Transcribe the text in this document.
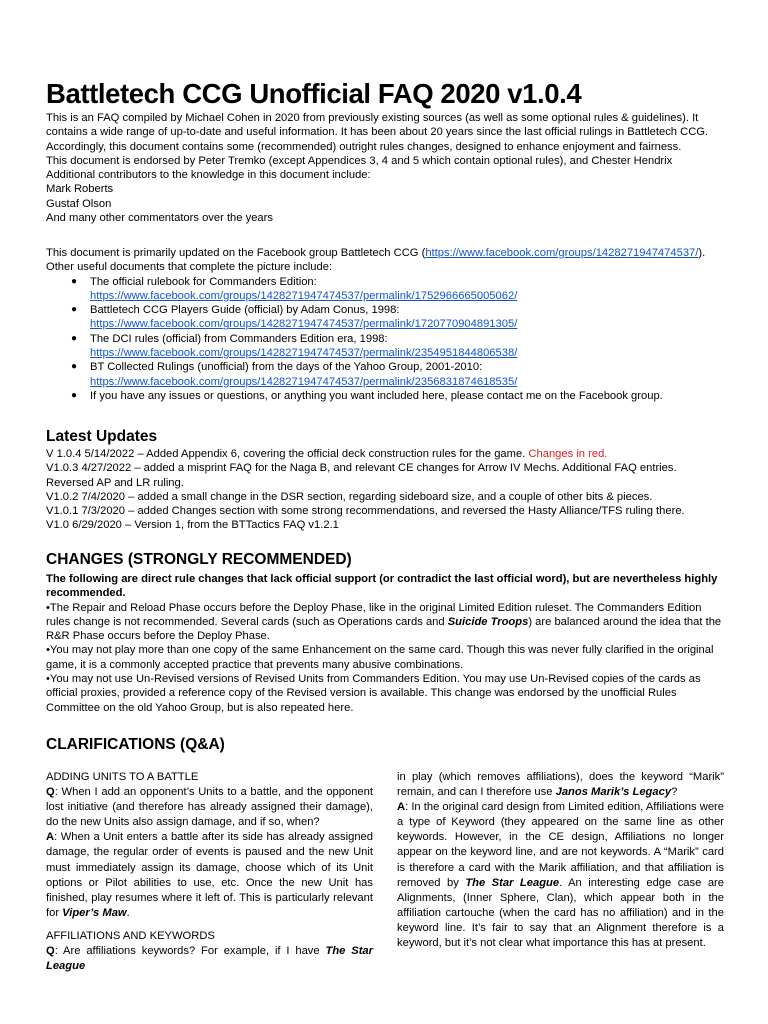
Battletech CCG Unofficial FAQ 2020 v1.0.4

This is an FAQ compiled by Michael Cohen in 2020 from previously existing sources (as well as some optional rules & guidelines). It contains a wide range of up-to-date and useful information. It has been about 20 years since the last official rulings in Battletech CCG. Accordingly, this document contains some (recommended) outright rules changes, designed to enhance enjoyment and fairness.

This document is endorsed by Peter Tremko (except Appendices 3, 4 and 5 which contain optional rules), and Chester Hendrix

Additional contributors to the knowledge in this document include:

Mark Roberts

Gustaf Olson

And many other commentators over the years

This document is primarily updated on the Facebook group Battletech CCG (https://www.facebook.com/groups/1428271947474537/). Other useful documents that complete the picture include:

● The official rulebook for Commanders Edition:
https://www.facebook.com/groups/1428271947474537/permalink/1752966665005062/
● Battletech CCG Players Guide (official) by Adam Conus, 1998:
https://www.facebook.com/groups/1428271947474537/permalink/1720770904891305/
● The DCI rules (official) from Commanders Edition era, 1998:
https://www.facebook.com/groups/1428271947474537/permalink/2354951844806538/
● BT Collected Rulings (unofficial) from the days of the Yahoo Group, 2001-2010:
https://www.facebook.com/groups/1428271947474537/permalink/2356831874618535/
● If you have any issues or questions, or anything you want included here, please contact me on the Facebook group.
Latest Updates

V 1.0.4 5/14/2022 – Added Appendix 6, covering the official deck construction rules for the game. Changes in red.

V1.0.3 4/27/2022 – added a misprint FAQ for the Naga B, and relevant CE changes for Arrow IV Mechs. Additional FAQ entries. Reversed AP and LR ruling.

V1.0.2 7/4/2020 – added a small change in the DSR section, regarding sideboard size, and a couple of other bits & pieces.

V1.0.1 7/3/2020 – added Changes section with some strong recommendations, and reversed the Hasty Alliance/TFS ruling there.

V1.0 6/29/2020 – Version 1, from the BTTactics FAQ v1.2.1

CHANGES (STRONGLY RECOMMENDED)

The following are direct rule changes that lack official support (or contradict the last official word), but are nevertheless highly recommended.

•The Repair and Reload Phase occurs before the Deploy Phase, like in the original Limited Edition ruleset. The Commanders Edition rules change is not recommended. Several cards (such as Operations cards and Suicide Troops) are balanced around the idea that the R&R Phase occurs before the Deploy Phase.

•You may not play more than one copy of the same Enhancement on the same card. Though this was never fully clarified in the original game, it is a commonly accepted practice that prevents many abusive combinations.

•You may not use Un-Revised versions of Revised Units from Commanders Edition. You may use Un-Revised copies of the cards as official proxies, provided a reference copy of the Revised version is available. This change was endorsed by the unofficial Rules Committee on the old Yahoo Group, but is also repeated here.

CLARIFICATIONS (Q&A)

ADDING UNITS TO A BATTLE

Q: When I add an opponent’s Units to a battle, and the opponent lost initiative (and therefore has already assigned their damage), do the new Units also assign damage, and if so, when?

A: When a Unit enters a battle after its side has already assigned damage, the regular order of events is paused and the new Unit must immediately assign its damage, choose which of its Unit options or Pilot abilities to use, etc. Once the new Unit has finished, play resumes where it left of. This is particularly relevant for Viper’s Maw.

AFFILIATIONS AND KEYWORDS

Q: Are affiliations keywords? For example, if I have The Star League

in play (which removes affiliations), does the keyword “Marik” remain, and can I therefore use Janos Marik’s Legacy?

A: In the original card design from Limited edition, Affiliations were a type of Keyword (they appeared on the same line as other keywords. However, in the CE design, Affiliations no longer appear on the keyword line, and are not keywords. A “Marik” card is therefore a card with the Marik affiliation, and that affiliation is removed by The Star League. An interesting edge case are Alignments, (Inner Sphere, Clan), which appear both in the affiliation cartouche (when the card has no affiliation) and in the keyword line. It’s fair to say that an Alignment therefore is a keyword, but it’s not clear what importance this has at present.
